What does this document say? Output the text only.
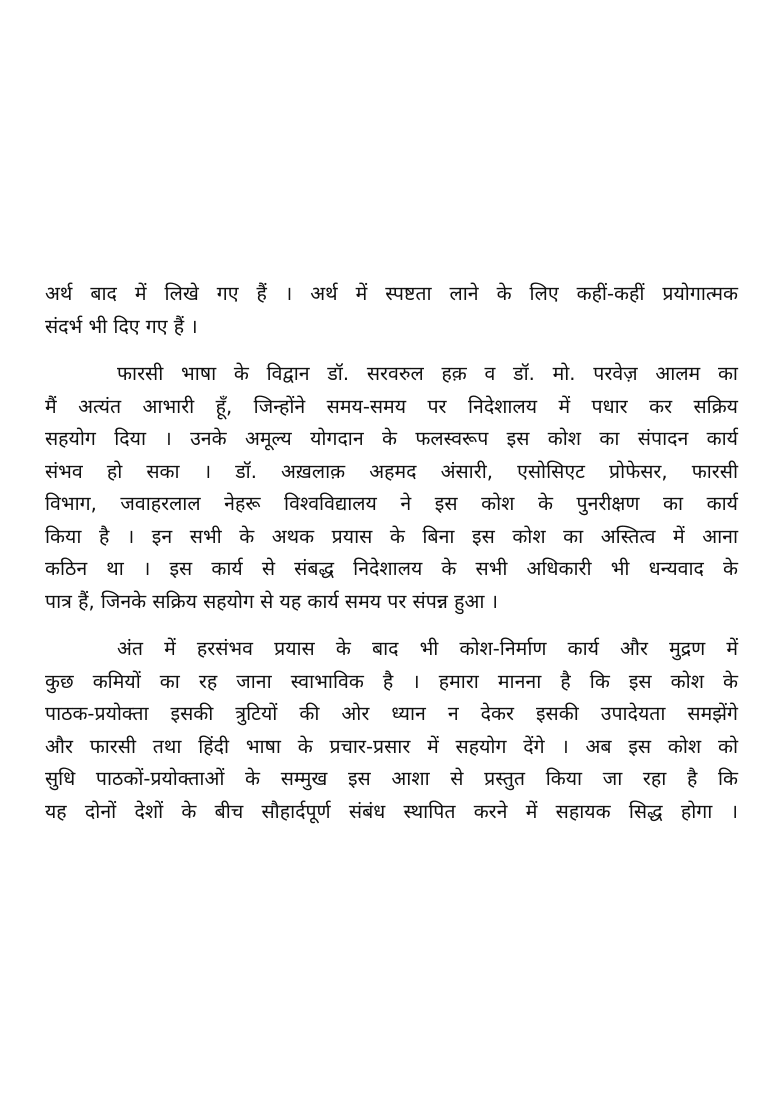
अर्थ बाद में लिखे गए हैं । अर्थ में स्पष्टता लाने के लिए कहीं-कहीं प्रयोगात्मक
संदर्भ भी दिए गए हैं ।
फारसी भाषा के विद्वान डॉ. सरवरुल हक़ व डॉ. मो. परवेज़ आलम का
मैं अत्यंत आभारी हूँ, जिन्होंने समय-समय पर निदेशालय में पधार कर सक्रिय
सहयोग दिया । उनके अमूल्य योगदान के फलस्वरूप इस कोश का संपादन कार्य
संभव हो सका । डॉ. अख़लाक़ अहमद अंसारी, एसोसिएट प्रोफेसर, फारसी
विभाग, जवाहरलाल नेहरू विश्वविद्यालय ने इस कोश के पुनरीक्षण का कार्य
किया है । इन सभी के अथक प्रयास के बिना इस कोश का अस्तित्व में आना
कठिन था । इस कार्य से संबद्ध निदेशालय के सभी अधिकारी भी धन्यवाद के
पात्र हैं, जिनके सक्रिय सहयोग से यह कार्य समय पर संपन्न हुआ ।
अंत में हरसंभव प्रयास के बाद भी कोश-निर्माण कार्य और मुद्रण में
कुछ कमियों का रह जाना स्वाभाविक है । हमारा मानना है कि इस कोश के
पाठक-प्रयोक्ता इसकी त्रुटियों की ओर ध्यान न देकर इसकी उपादेयता समझेंगे
और फारसी तथा हिंदी भाषा के प्रचार-प्रसार में सहयोग देंगे । अब इस कोश को
सुधि पाठकों-प्रयोक्ताओं के सम्मुख इस आशा से प्रस्तुत किया जा रहा है कि
यह दोनों देशों के बीच सौहार्दपूर्ण संबंध स्थापित करने में सहायक सिद्ध होगा ।
